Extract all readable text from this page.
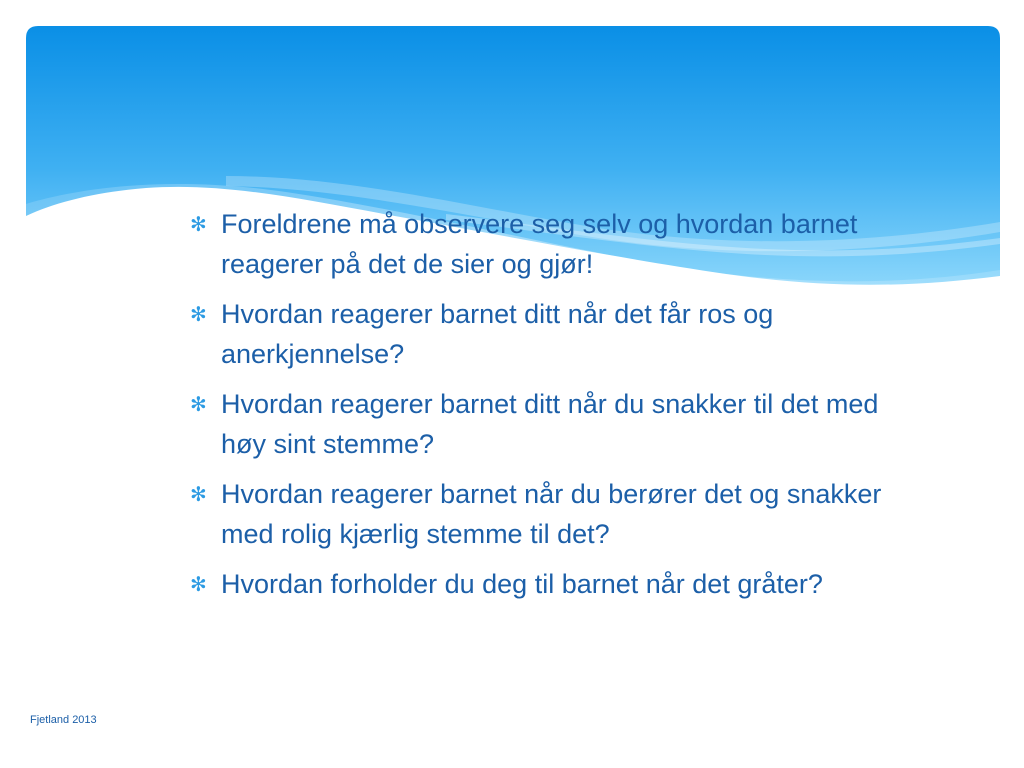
✻ Foreldrene må observere seg selv og hvordan barnet reagerer på det de sier og gjør!
✻ Hvordan reagerer barnet ditt når det får ros og anerkjennelse?
✻ Hvordan reagerer barnet ditt når du snakker til det med høy sint stemme?
✻ Hvordan reagerer barnet når du berører det og snakker med rolig kjærlig stemme til det?
✻ Hvordan forholder du deg til barnet når det gråter?
Fjetland 2013
